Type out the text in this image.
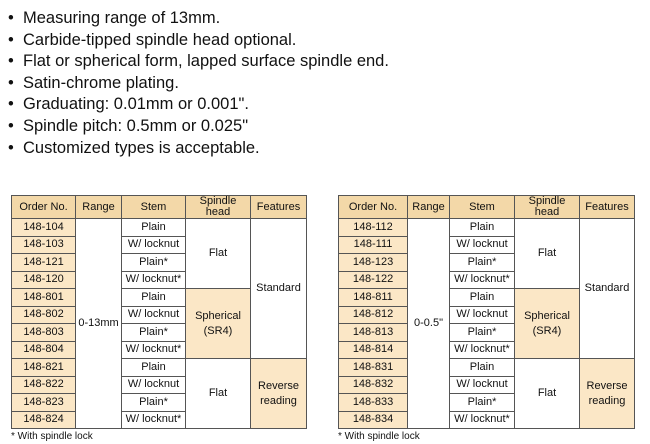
• Measuring range of 13mm.
• Carbide-tipped spindle head optional.
• Flat or spherical form, lapped surface spindle end.
• Satin-chrome plating.
• Graduating: 0.01mm or 0.001".
• Spindle pitch: 0.5mm or 0.025"
• Customized types is acceptable.
Order No.	Range	Stem	Spindle head	Features
148-104	0-13mm	Plain	Flat	Standard
148-103		W/ locknut		
148-121		Plain*		
148-120		W/ locknut*		
148-801		Plain	Spherical
(SR4)	
148-802		W/ locknut		
148-803		Plain*		
148-804		W/ locknut*		
148-821		Plain	Flat	Reverse
reading
148-822		W/ locknut		
148-823		Plain*		
148-824		W/ locknut*		
* With spindle lock
Order No.	Range	Stem	Spindle head	Features
148-112	0-0.5"	Plain	Flat	Standard
148-111		W/ locknut		
148-123		Plain*		
148-122		W/ locknut*		
148-811		Plain	Spherical
(SR4)	
148-812		W/ locknut		
148-813		Plain*		
148-814		W/ locknut*		
148-831		Plain	Flat	Reverse
reading
148-832		W/ locknut		
148-833		Plain*		
148-834		W/ locknut*		
* With spindle lock
